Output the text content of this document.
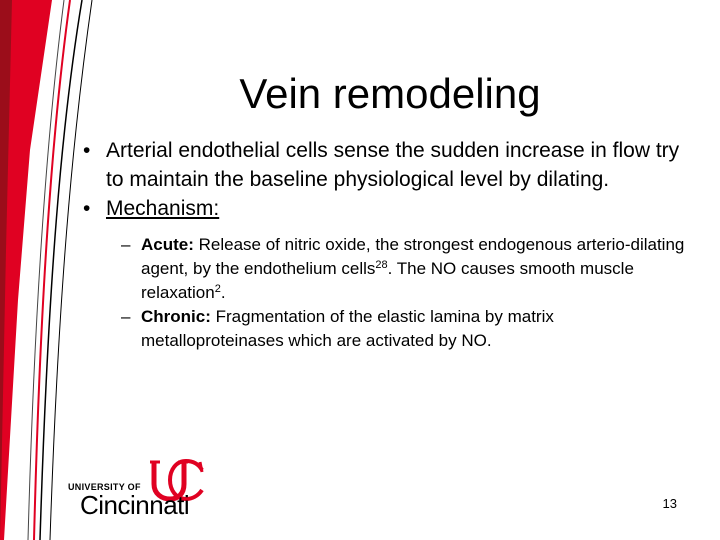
Vein remodeling
• Arterial endothelial cells sense the sudden increase in flow try to maintain the baseline physiological level by dilating.
• Mechanism:
– Acute: Release of nitric oxide, the strongest endogenous arterio-dilating agent, by the endothelium cells$^{28}$. The NO causes smooth muscle relaxation$^2$.
– Chronic: Fragmentation of the elastic lamina by matrix metalloproteinases which are activated by NO.
UNIVERSITY OF
Cincinnati	13
